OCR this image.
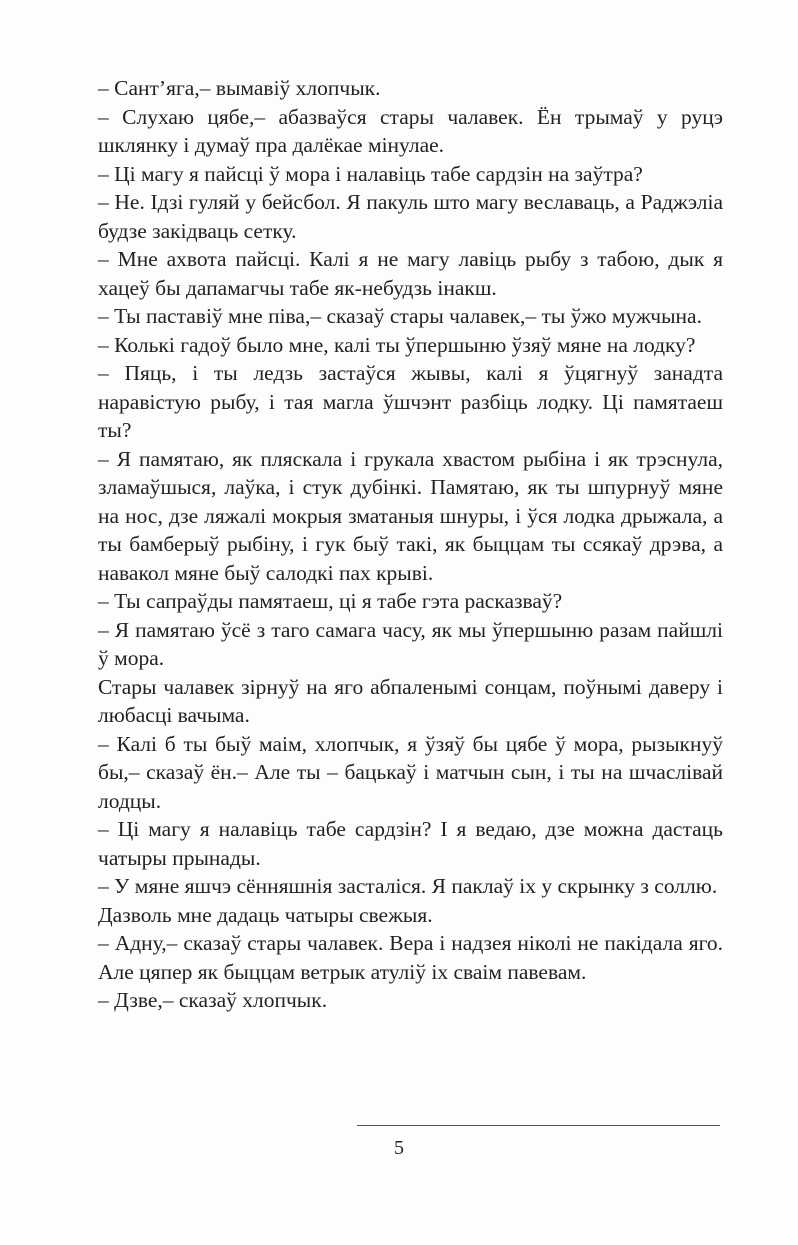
– Сант’яга,– вымавіў хлопчык.

– Слухаю цябе,– абазваўся стары чалавек. Ён трымаў у руцэ шклянку і думаў пра далёкае мінулае.

– Ці магу я пайсці ў мора і налавіць табе сардзін на заўтра?

– Не. Ідзі гуляй у бейсбол. Я пакуль што магу веславаць, а Раджэліа будзе закідваць сетку.

– Мне ахвота пайсці. Калі я не магу лавіць рыбу з табою, дык я хацеў бы дапамагчы табе як-небудзь інакш.

– Ты паставіў мне піва,– сказаў стары чалавек,– ты ўжо мужчына.

– Колькі гадоў было мне, калі ты ўпершыню ўзяў мяне на лодку?

– Пяць, і ты ледзь застаўся жывы, калі я ўцягнуў занадта наравістую рыбу, і тая магла ўшчэнт разбіць лодку. Ці памятаеш ты?

– Я памятаю, як пляскала і грукала хвастом рыбіна і як трэснула, зламаўшыся, лаўка, і стук дубінкі. Памятаю, як ты шпурнуў мяне на нос, дзе ляжалі мокрыя зматаныя шнуры, і ўся лодка дрыжала, а ты бамберыў рыбіну, і гук быў такі, як быццам ты ссякаў дрэва, а навакол мяне быў салодкі пах крыві.

– Ты сапраўды памятаеш, ці я табе гэта расказваў?

– Я памятаю ўсё з таго самага часу, як мы ўпершыню разам пайшлі ў мора.

Стары чалавек зірнуў на яго абпаленымі сонцам, поўнымі даверу і любасці вачыма.

– Калі б ты быў маім, хлопчык, я ўзяў бы цябе ў мора, рызыкнуў бы,– сказаў ён.– Але ты – бацькаў і матчын сын, і ты на шчаслівай лодцы.

– Ці магу я налавіць табе сардзін? І я ведаю, дзе можна дастаць чатыры прынады.

– У мяне яшчэ сённяшнія засталіся. Я паклаў іх у скрынку з соллю.

Дазволь мне дадаць чатыры свежыя.

– Адну,– сказаў стары чалавек. Вера і надзея ніколі не пакідала яго. Але цяпер як быццам ветрык атуліў іх сваім павевам.

– Дзве,– сказаў хлопчык.

5
